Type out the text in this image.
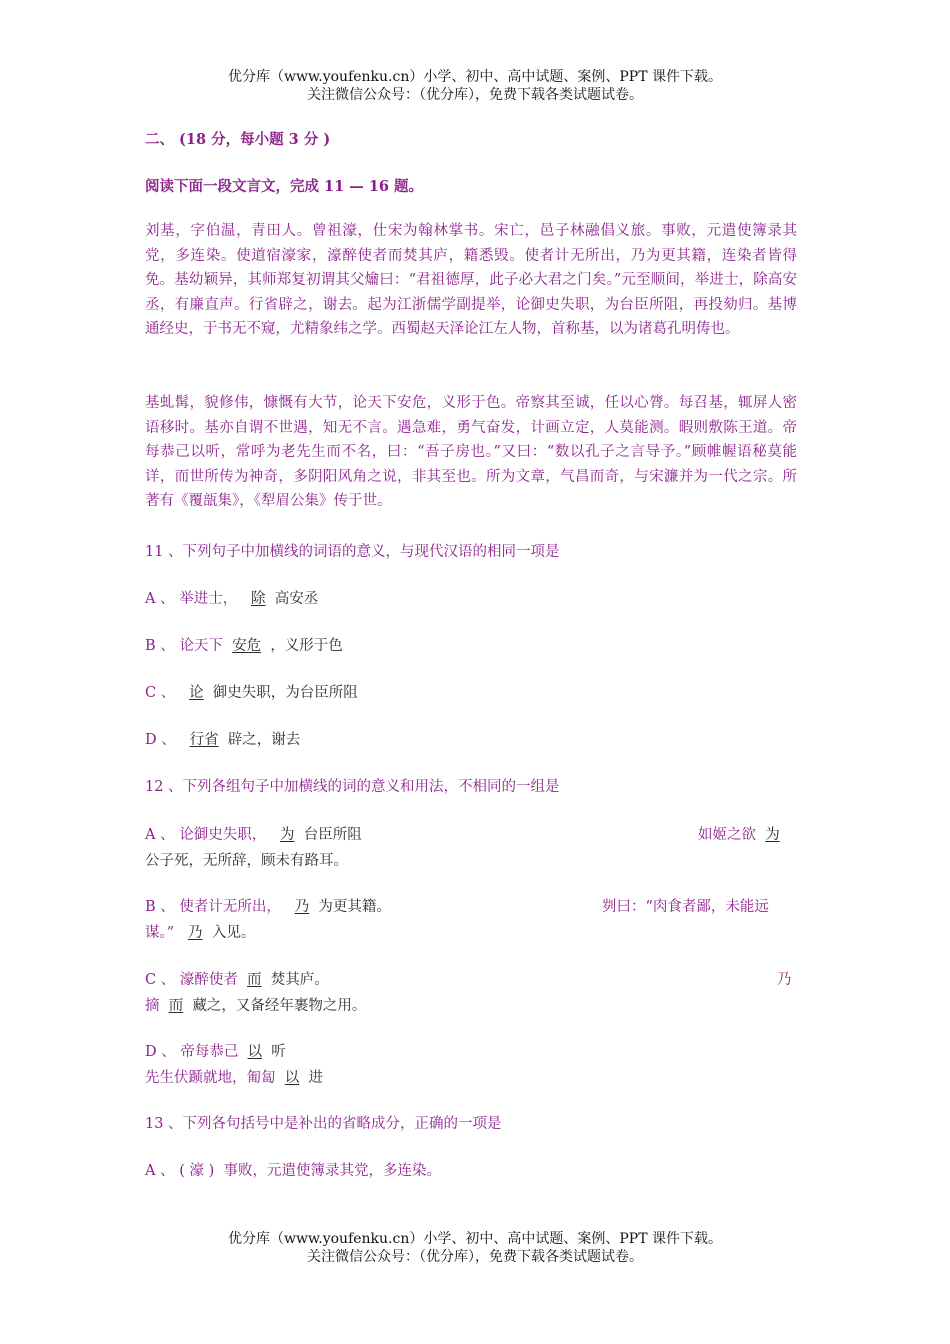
优分库（www.youfenku.cn）小学、初中、高中试题、案例、PPT 课件下载。
关注微信公众号：（优分库），免费下载各类试题试卷。
二、 (18 分，每小题 3 分 )
阅读下面一段文言文，完成 11 — 16 题。

刘基，字伯温，青田人。曾祖濠，仕宋为翰林掌书。宋亡，邑子林融倡义旅。事败，元遣使簿录其党，多连染。使道宿濠家，濠醉使者而焚其庐，籍悉毁。使者计无所出，乃为更其籍，连染者皆得免。基幼颖异，其师郑复初谓其父爚曰：“君祖德厚，此子必大君之门矣。”元至顺间，举进士，除高安丞，有廉直声。行省辟之，谢去。起为江浙儒学副提举，论御史失职，为台臣所阻，再投劾归。基博通经史，于书无不窥，尤精象纬之学。西蜀赵天泽论江左人物，首称基，以为诸葛孔明俦也。

基虬髯，貌修伟，慷慨有大节，论天下安危，义形于色。帝察其至诚，任以心膂。每召基，辄屏人密语移时。基亦自谓不世遇，知无不言。遇急难，勇气奋发，计画立定，人莫能测。暇则敷陈王道。帝每恭己以听，常呼为老先生而不名，曰：“吾子房也。”又曰：“数以孔子之言导予。”顾帷幄语秘莫能详，而世所传为神奇，多阴阳风角之说，非其至也。所为文章，气昌而奇，与宋濂并为一代之宗。所著有《覆瓿集》，《犁眉公集》传于世。

11 、下列句子中加横线的词语的意义，与现代汉语的相同一项是
A 、 举进士， 除 高安丞
B 、 论天下 安危 ，义形于色
C 、 论 御史失职，为台臣所阻
D 、 行省 辟之，谢去
12 、下列各组句子中加横线的词的意义和用法，不相同的一组是
A 、 论御史失职， 为 台臣所阻	如姬之欲 为
公子死，无所辞，顾未有路耳。
B 、 使者计无所出， 乃 为更其籍。	刿曰：“肉食者鄙，未能远
谋。” 乃 入见。
C 、 濠醉使者 而 焚其庐。	乃
摘 而 藏之，又备经年裹物之用。
D 、 帝每恭己 以 听
先生伏踬就地，匍匐 以 进
13 、下列各句括号中是补出的省略成分，正确的一项是
A 、 ( 濠 ) 事败，元遣使簿录其党，多连染。
优分库（www.youfenku.cn）小学、初中、高中试题、案例、PPT 课件下载。
关注微信公众号：（优分库），免费下载各类试题试卷。
